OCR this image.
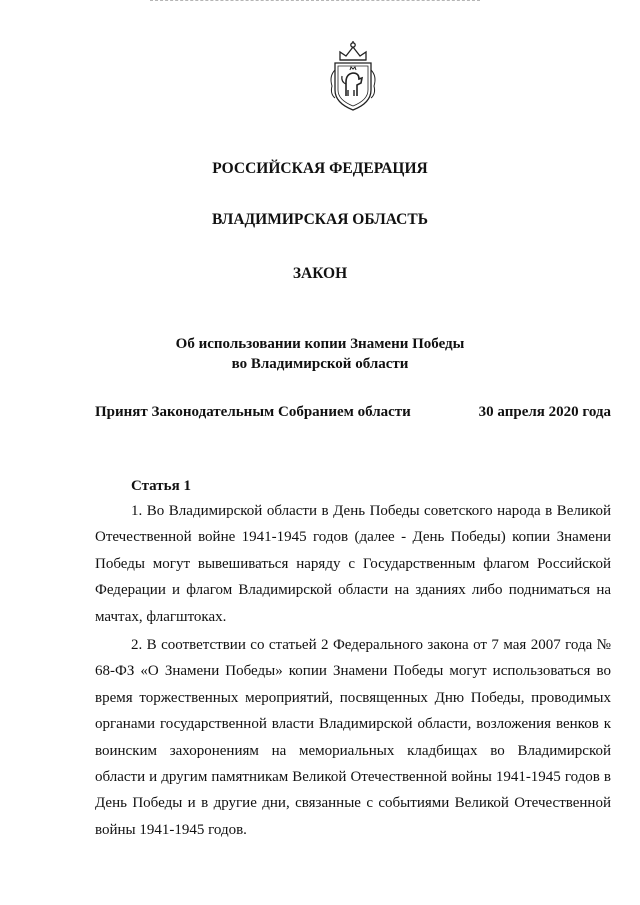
РОССИЙСКАЯ ФЕДЕРАЦИЯ
ВЛАДИМИРСКАЯ ОБЛАСТЬ
ЗАКОН
Об использовании копии Знамени Победы
во Владимирской области
Принят Законодательным Собранием области	30 апреля 2020 года
Статья 1

1. Во Владимирской области в День Победы советского народа в Великой Отечественной войне 1941-1945 годов (далее - День Победы) копии Знамени Победы могут вывешиваться наряду с Государственным флагом Российской Федерации и флагом Владимирской области на зданиях либо подниматься на мачтах, флагштоках.

2. В соответствии со статьей 2 Федерального закона от 7 мая 2007 года № 68-ФЗ «О Знамени Победы» копии Знамени Победы могут использоваться во время торжественных мероприятий, посвященных Дню Победы, проводимых органами государственной власти Владимирской области, возложения венков к воинским захоронениям на мемориальных кладбищах во Владимирской области и другим памятникам Великой Отечественной войны 1941-1945 годов в День Победы и в другие дни, связанные с событиями Великой Отечественной войны 1941-1945 годов.
